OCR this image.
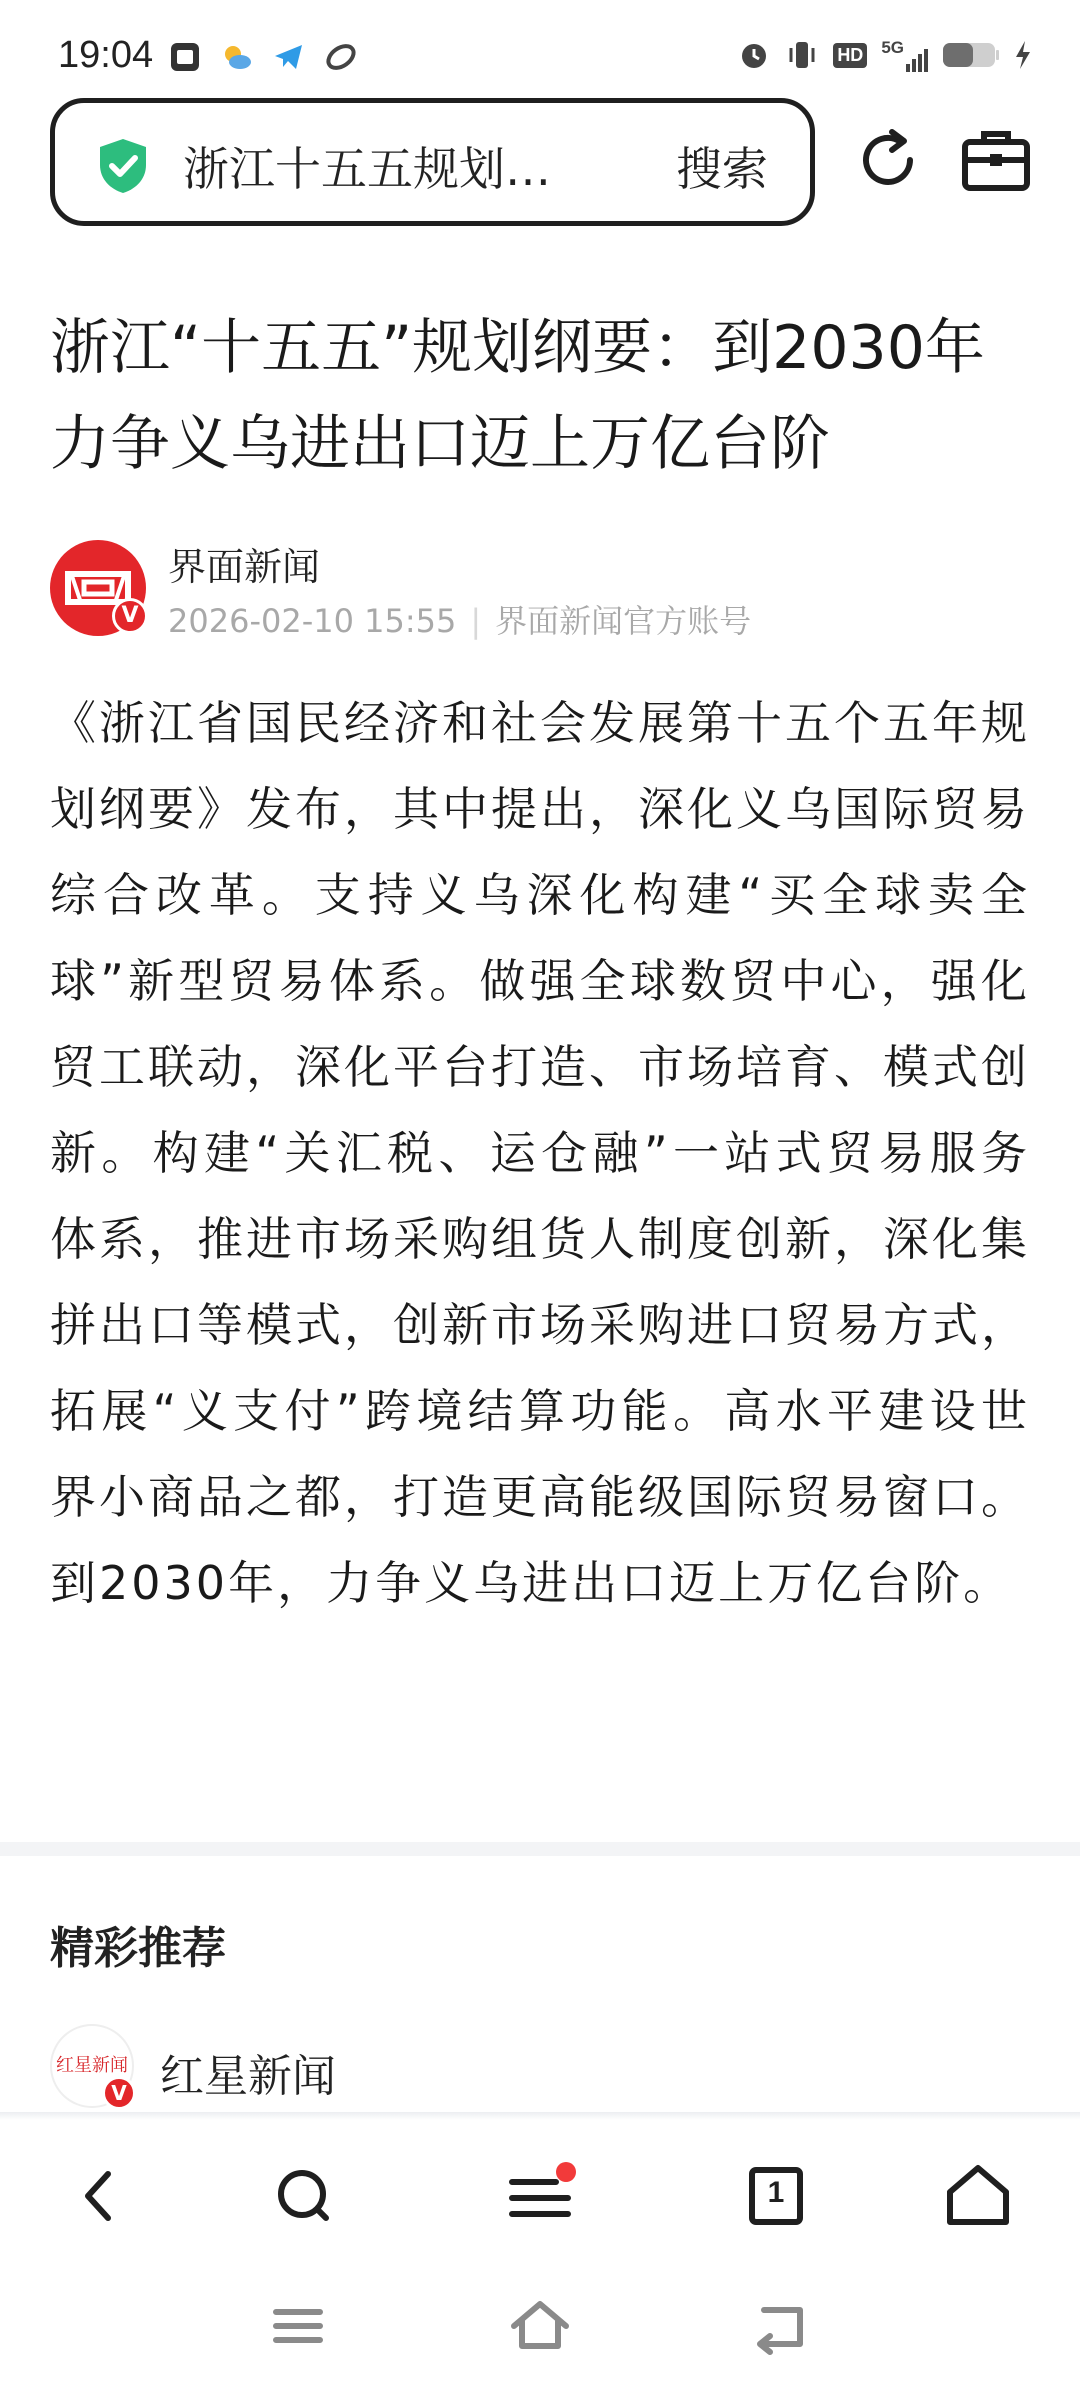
19:04	HD 5G
浙江十五五规划…	搜索
浙江“十五五”规划纲要：到2030年力争义乌进出口迈上万亿台阶
V
界面新闻
2026-02-10 15:55 | 界面新闻官方账号

《浙江省国民经济和社会发展第十五个五年规划纲要》发布，其中提出，深化义乌国际贸易综合改革。支持义乌深化构建“买全球卖全球”新型贸易体系。做强全球数贸中心，强化贸工联动，深化平台打造、市场培育、模式创新。构建“关汇税、运仓融”一站式贸易服务体系，推进市场采购组货人制度创新，深化集拼出口等模式，创新市场采购进口贸易方式，拓展“义支付”跨境结算功能。高水平建设世界小商品之都，打造更高能级国际贸易窗口。到2030年，力争义乌进出口迈上万亿台阶。

精彩推荐
红星新闻
V 红星新闻
1
